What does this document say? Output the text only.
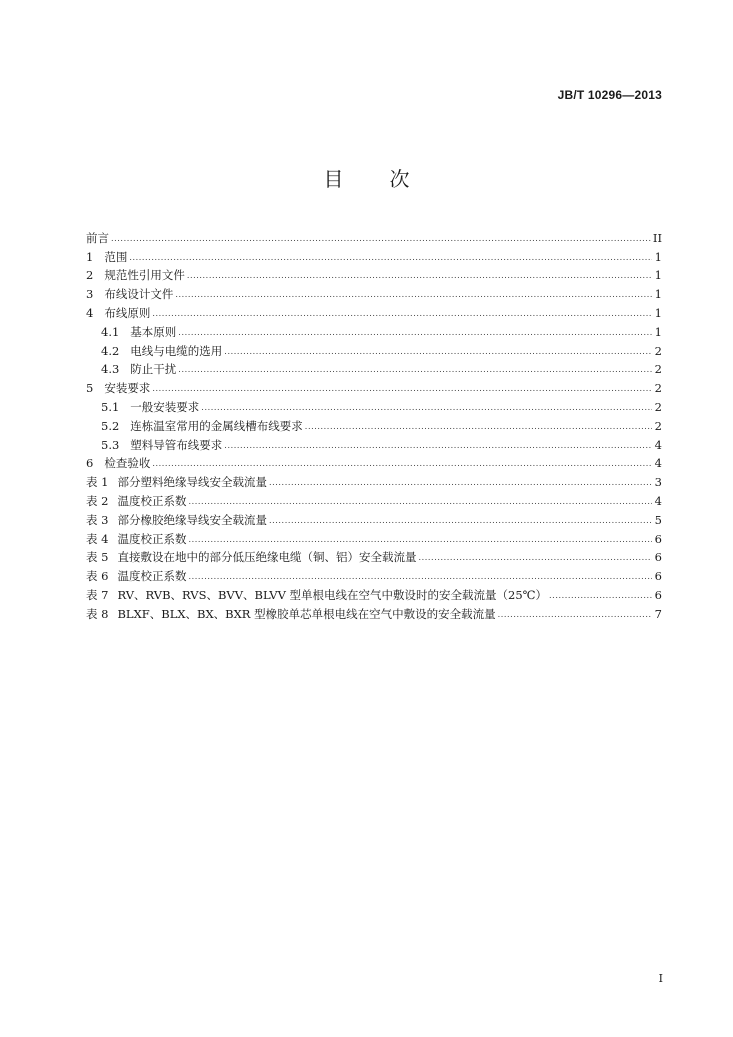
JB/T 10296—2013
目 次
前言 .....	II
1 范围 .....	1
2 规范性引用文件 .....	1
3 布线设计文件 .....	1
4 布线原则 .....	1
4.1 基本原则 .....	1
4.2 电线与电缆的选用 .....	2
4.3 防止干扰 .....	2
5 安装要求 .....	2
5.1 一般安装要求 .....	2
5.2 连栋温室常用的金属线槽布线要求 .....	2
5.3 塑料导管布线要求 .....	4
6 检查验收 .....	4
表 1 部分塑料绝缘导线安全载流量 .....	3
表 2 温度校正系数 .....	4
表 3 部分橡胶绝缘导线安全载流量 .....	5
表 4 温度校正系数 .....	6
表 5 直接敷设在地中的部分低压绝缘电缆（铜、铝）安全载流量 .....	6
表 6 温度校正系数 .....	6
表 7 RV、RVB、RVS、BVV、BLVV 型单根电线在空气中敷设时的安全载流量（25℃） .....	6
表 8 BLXF、BLX、BX、BXR 型橡胶单芯单根电线在空气中敷设的安全载流量 .....	7
I
